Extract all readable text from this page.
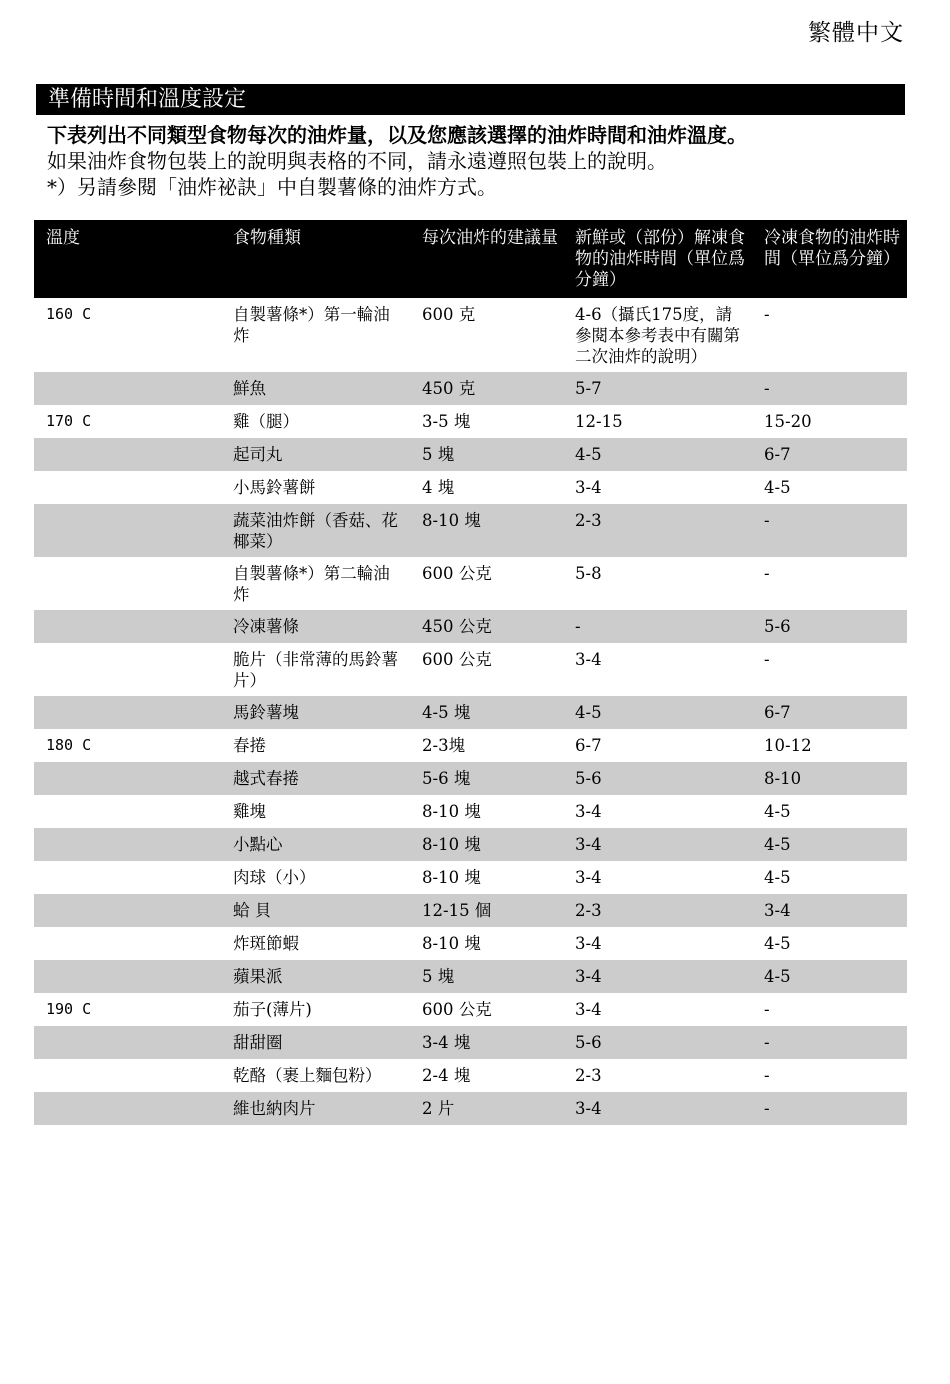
繁體中文
準備時間和溫度設定
下表列出不同類型食物每次的油炸量，以及您應該選擇的油炸時間和油炸溫度。
如果油炸食物包裝上的說明與表格的不同，請永遠遵照包裝上的說明。
*）另請參閱「油炸祕訣」中自製薯條的油炸方式。
溫度	食物種類	每次油炸的建議量	新鮮或（部份）解凍食物的油炸時間（單位爲分鐘）	冷凍食物的油炸時間（單位爲分鐘）
160 C	自製薯條*）第一輪油炸	600 克	4-6（攝氏175度，請參閱本參考表中有關第二次油炸的說明）	-
	鮮魚	450 克	5-7	-
170 C	雞（腿）	3-5 塊	12-15	15-20
	起司丸	5 塊	4-5	6-7
	小馬鈴薯餅	4 塊	3-4	4-5
	蔬菜油炸餅（香菇、花椰菜）	8-10 塊	2-3	-
	自製薯條*）第二輪油炸	600 公克	5-8	-
	冷凍薯條	450 公克	-	5-6
	脆片（非常薄的馬鈴薯片）	600 公克	3-4	-
	馬鈴薯塊	4-5 塊	4-5	6-7
180 C	春捲	2-3塊	6-7	10-12
	越式春捲	5-6 塊	5-6	8-10
	雞塊	8-10 塊	3-4	4-5
	小點心	8-10 塊	3-4	4-5
	肉球（小）	8-10 塊	3-4	4-5
	蛤 貝	12-15 個	2-3	3-4
	炸斑節蝦	8-10 塊	3-4	4-5
	蘋果派	5 塊	3-4	4-5
190 C	茄子(薄片)	600 公克	3-4	-
	甜甜圈	3-4 塊	5-6	-
	乾酪（裹上麵包粉）	2-4 塊	2-3	-
	維也納肉片	2 片	3-4	-
